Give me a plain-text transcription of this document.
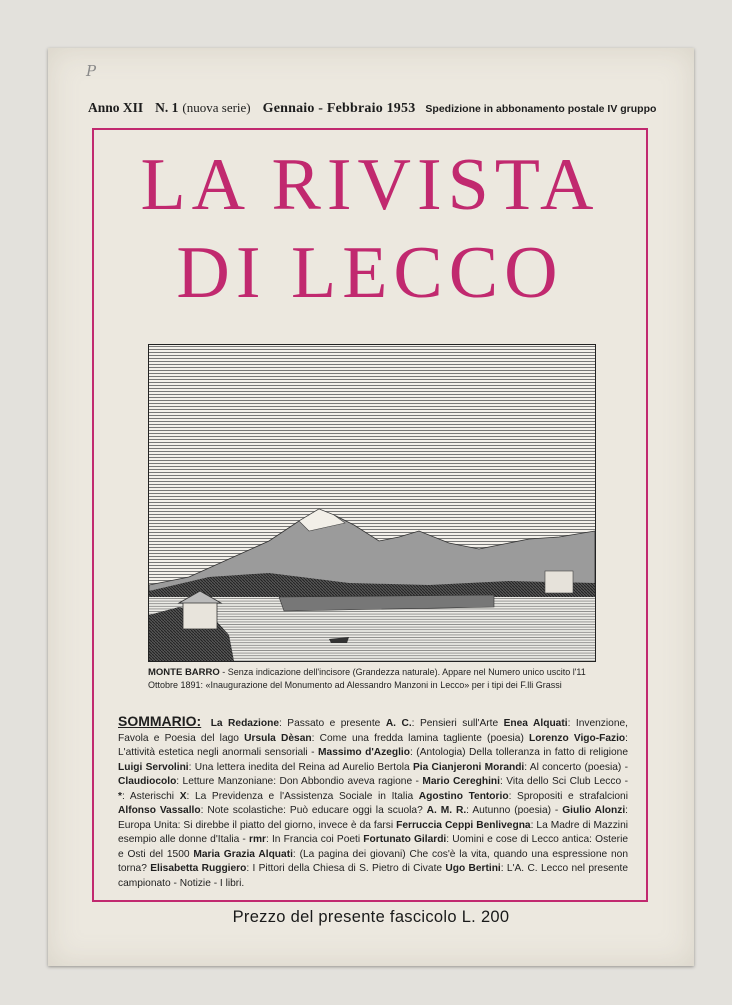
P
Anno XII N. 1 (nuova serie) Gennaio - Febbraio 1953 Spedizione in abbonamento postale IV gruppo
LA RIVISTA
DI LECCO
MONTE BARRO - Senza indicazione dell'incisore (Grandezza naturale). Appare nel Numero unico uscito l'11 Ottobre 1891: «Inaugurazione del Monumento ad Alessandro Manzoni in Lecco» per i tipi dei F.lli Grassi
SOMMARIO: La Redazione: Passato e presente A. C.: Pensieri sull'Arte Enea Alquati: Invenzione, Favola e Poesia del lago Ursula Dèsan: Come una fredda lamina tagliente (poesia) Lorenzo Vigo-Fazio: L'attività estetica negli anormali sensoriali - Massimo d'Azeglio: (Antologia) Della tolleranza in fatto di religione Luigi Servolini: Una lettera inedita del Reina ad Aurelio Bertola Pia Cianjeroni Morandi: Al concerto (poesia) - Claudiocolo: Letture Manzoniane: Don Abbondio aveva ragione - Mario Cereghini: Vita dello Sci Club Lecco - *: Asterischi X: La Previdenza e l'Assistenza Sociale in Italia Agostino Tentorio: Spropositi e strafalcioni Alfonso Vassallo: Note scolastiche: Può educare oggi la scuola? A. M. R.: Autunno (poesia) - Giulio Alonzi: Europa Unita: Si direbbe il piatto del giorno, invece è da farsi Ferruccia Ceppi Benlivegna: La Madre di Mazzini esempio alle donne d'Italia - rmr: In Francia coi Poeti Fortunato Gilardi: Uomini e cose di Lecco antica: Osterie e Osti del 1500 Maria Grazia Alquati: (La pagina dei giovani) Che cos'è la vita, quando una espressione non torna? Elisabetta Ruggiero: I Pittori della Chiesa di S. Pietro di Civate Ugo Bertini: L'A. C. Lecco nel presente campionato - Notizie - I libri.
Prezzo del presente fascicolo L. 200
